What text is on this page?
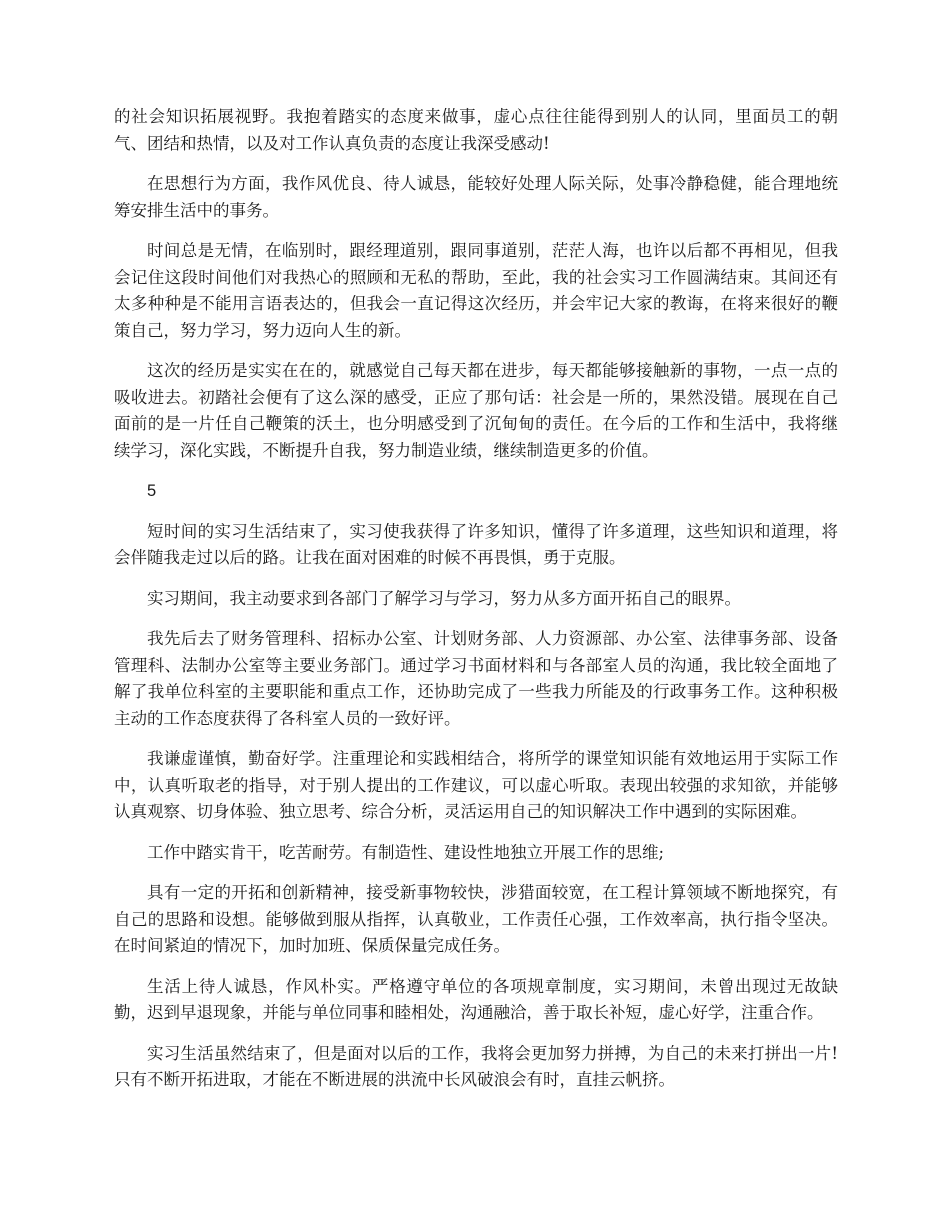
的社会知识拓展视野。我抱着踏实的态度来做事，虚心点往往能得到别人的认同，里面员工的朝气、团结和热情，以及对工作认真负责的态度让我深受感动!

在思想行为方面，我作风优良、待人诚恳，能较好处理人际关际，处事冷静稳健，能合理地统筹安排生活中的事务。

时间总是无情，在临别时，跟经理道别，跟同事道别，茫茫人海，也许以后都不再相见，但我会记住这段时间他们对我热心的照顾和无私的帮助，至此，我的社会实习工作圆满结束。其间还有太多种种是不能用言语表达的，但我会一直记得这次经历，并会牢记大家的教诲，在将来很好的鞭策自己，努力学习，努力迈向人生的新。

这次的经历是实实在在的，就感觉自己每天都在进步，每天都能够接触新的事物，一点一点的吸收进去。初踏社会便有了这么深的感受，正应了那句话：社会是一所的，果然没错。展现在自己面前的是一片任自己鞭策的沃土，也分明感受到了沉甸甸的责任。在今后的工作和生活中，我将继续学习，深化实践，不断提升自我，努力制造业绩，继续制造更多的价值。

5

短时间的实习生活结束了，实习使我获得了许多知识，懂得了许多道理，这些知识和道理，将会伴随我走过以后的路。让我在面对困难的时候不再畏惧，勇于克服。

实习期间，我主动要求到各部门了解学习与学习，努力从多方面开拓自己的眼界。

我先后去了财务管理科、招标办公室、计划财务部、人力资源部、办公室、法律事务部、设备管理科、法制办公室等主要业务部门。通过学习书面材料和与各部室人员的沟通，我比较全面地了解了我单位科室的主要职能和重点工作，还协助完成了一些我力所能及的行政事务工作。这种积极主动的工作态度获得了各科室人员的一致好评。

我谦虚谨慎，勤奋好学。注重理论和实践相结合，将所学的课堂知识能有效地运用于实际工作中，认真听取老的指导，对于别人提出的工作建议，可以虚心听取。表现出较强的求知欲，并能够认真观察、切身体验、独立思考、综合分析，灵活运用自己的知识解决工作中遇到的实际困难。

工作中踏实肯干，吃苦耐劳。有制造性、建设性地独立开展工作的思维;

具有一定的开拓和创新精神，接受新事物较快，涉猎面较宽，在工程计算领域不断地探究，有自己的思路和设想。能够做到服从指挥，认真敬业，工作责任心强，工作效率高，执行指令坚决。在时间紧迫的情况下，加时加班、保质保量完成任务。

生活上待人诚恳，作风朴实。严格遵守单位的各项规章制度，实习期间，未曾出现过无故缺勤，迟到早退现象，并能与单位同事和睦相处，沟通融洽，善于取长补短，虚心好学，注重合作。

实习生活虽然结束了，但是面对以后的工作，我将会更加努力拼搏，为自己的未来打拼出一片!只有不断开拓进取，才能在不断进展的洪流中长风破浪会有时，直挂云帆挤。
